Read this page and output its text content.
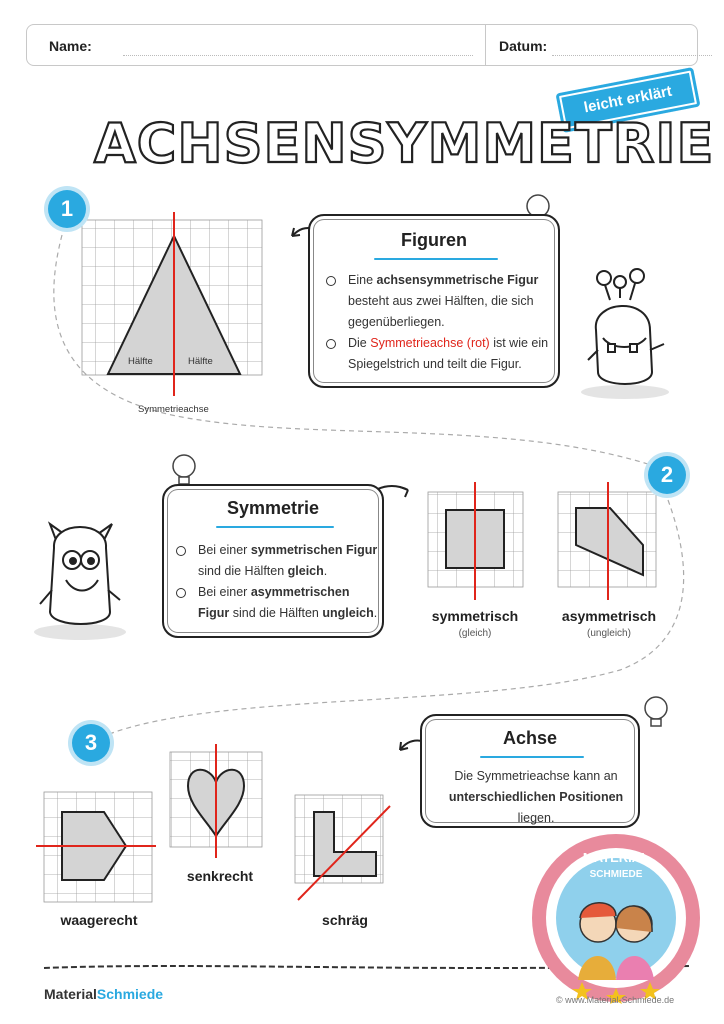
Name:	Datum:
leicht erklärt
ACHSENSYMMETRIE
1
2
3
Hälfte	Hälfte
Symmetrieachse
Figuren
Eine achsensymmetrische Figur besteht aus zwei Hälften, die sich gegenüberliegen.
Die Symmetrieachse (rot) ist wie ein Spiegelstrich und teilt die Figur.
Symmetrie
Bei einer symmetrischen Figur sind die Hälften gleich.
Bei einer asymmetrischen Figur sind die Hälften ungleich.	symmetrisch
(gleich)
asymmetrisch
(ungleich)
Achse
Die Symmetrieachse kann an
unterschiedlichen Positionen liegen.
waagerecht
senkrecht
schräg
MATERIAL
SCHMIEDE
MaterialSchmiede	© www.Material-Schmiede.de
